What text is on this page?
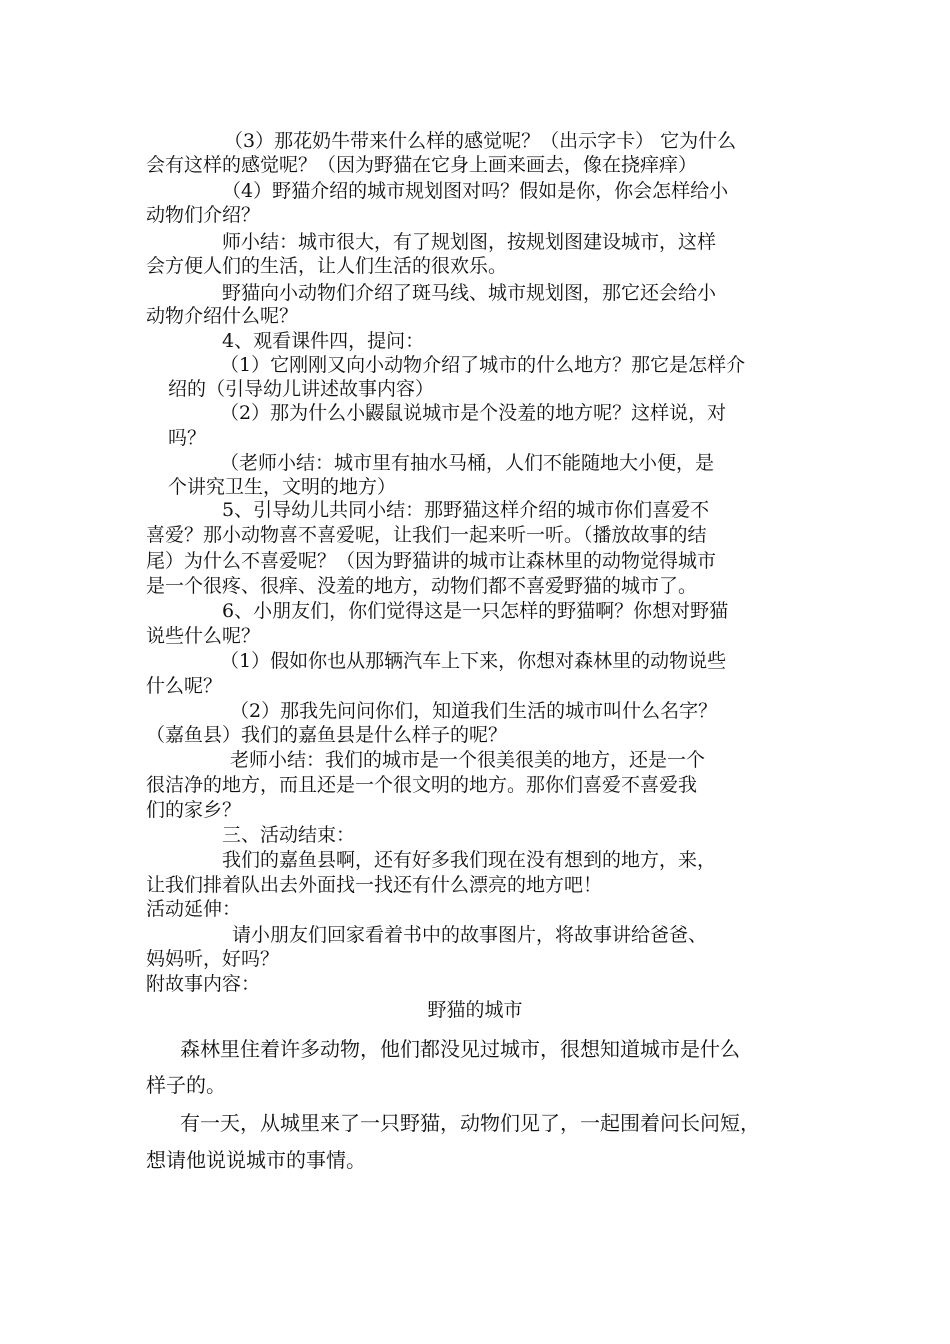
（3）那花奶牛带来什么样的感觉呢？（出示字卡） 它为什么
会有这样的感觉呢？（因为野猫在它身上画来画去，像在挠痒痒）
（4）野猫介绍的城市规划图对吗？假如是你，你会怎样给小
动物们介绍？
师小结：城市很大，有了规划图，按规划图建设城市，这样
会方便人们的生活，让人们生活的很欢乐。
野猫向小动物们介绍了斑马线、城市规划图，那它还会给小
动物介绍什么呢？
4、观看课件四，提问：
（1）它刚刚又向小动物介绍了城市的什么地方？那它是怎样介
绍的（引导幼儿讲述故事内容）
（2）那为什么小鼹鼠说城市是个没羞的地方呢？这样说，对
吗？
（老师小结：城市里有抽水马桶，人们不能随地大小便，是
个讲究卫生，文明的地方）
5、引导幼儿共同小结：那野猫这样介绍的城市你们喜爱不
喜爱？那小动物喜不喜爱呢，让我们一起来听一听。（播放故事的结
尾）为什么不喜爱呢？（因为野猫讲的城市让森林里的动物觉得城市
是一个很疼、很痒、没羞的地方，动物们都不喜爱野猫的城市了。
6、小朋友们，你们觉得这是一只怎样的野猫啊？你想对野猫
说些什么呢？
（1）假如你也从那辆汽车上下来，你想对森林里的动物说些
什么呢？
（2）那我先问问你们，知道我们生活的城市叫什么名字？
（嘉鱼县）我们的嘉鱼县是什么样子的呢？
老师小结：我们的城市是一个很美很美的地方，还是一个
很洁净的地方，而且还是一个很文明的地方。那你们喜爱不喜爱我
们的家乡？
三、活动结束：
我们的嘉鱼县啊，还有好多我们现在没有想到的地方，来，
让我们排着队出去外面找一找还有什么漂亮的地方吧！
活动延伸：
请小朋友们回家看着书中的故事图片，将故事讲给爸爸、
妈妈听，好吗？
附故事内容：
野猫的城市
森林里住着许多动物，他们都没见过城市，很想知道城市是什么
样子的。
有一天，从城里来了一只野猫，动物们见了，一起围着问长问短，
想请他说说城市的事情。
